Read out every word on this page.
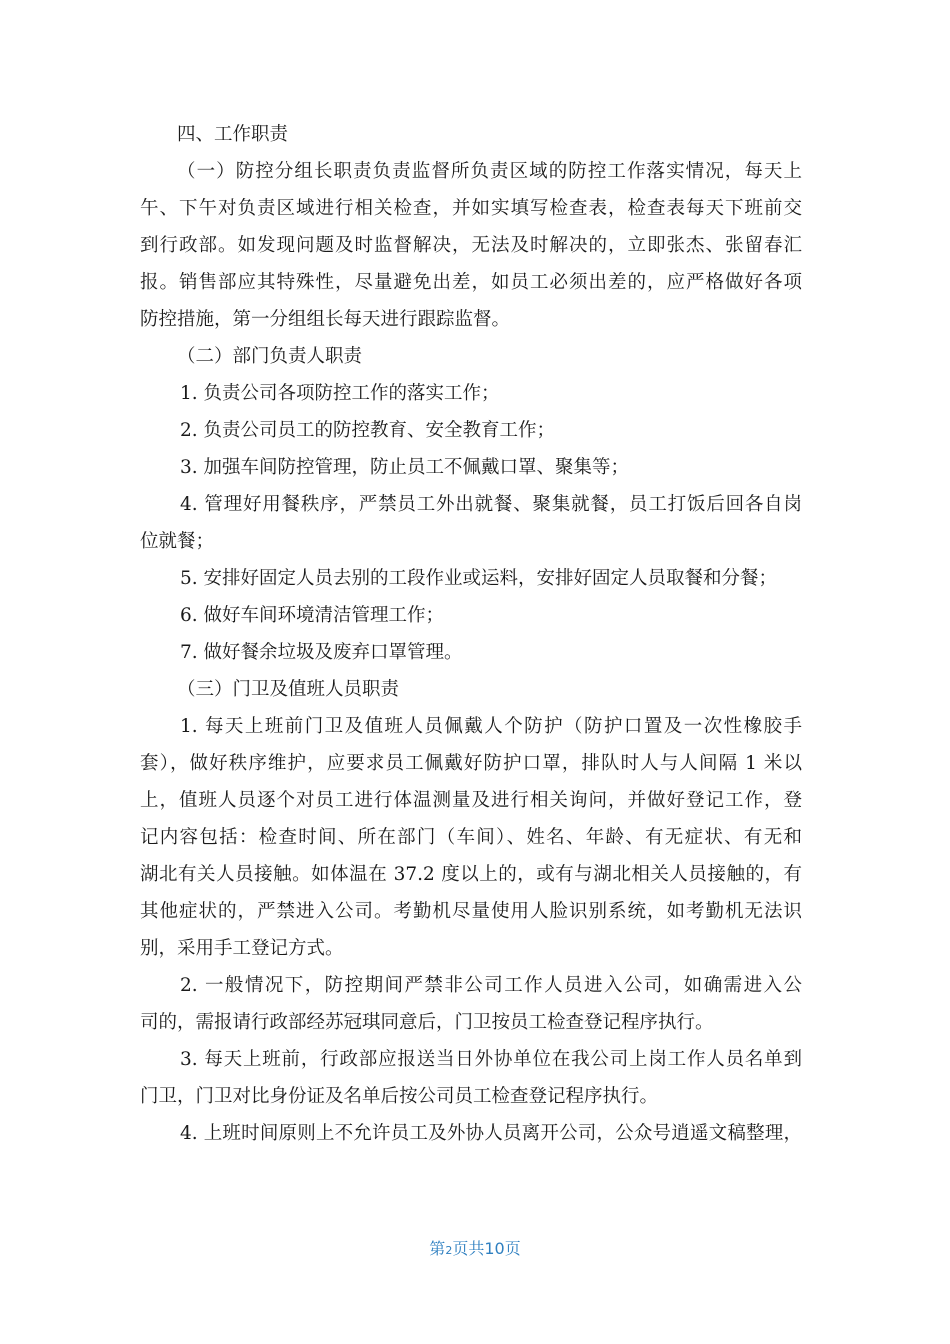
四、工作职责
（一）防控分组长职责负责监督所负责区域的防控工作落实情况，每天上
午、下午对负责区域进行相关检查，并如实填写检查表，检查表每天下班前交
到行政部。如发现问题及时监督解决，无法及时解决的，立即张杰、张留春汇
报。销售部应其特殊性，尽量避免出差，如员工必须出差的，应严格做好各项
防控措施，第一分组组长每天进行跟踪监督。
（二）部门负责人职责
1. 负责公司各项防控工作的落实工作；
2. 负责公司员工的防控教育、安全教育工作；
3. 加强车间防控管理，防止员工不佩戴口罩、聚集等；
4. 管理好用餐秩序，严禁员工外出就餐、聚集就餐，员工打饭后回各自岗
位就餐；
5. 安排好固定人员去别的工段作业或运料，安排好固定人员取餐和分餐；
6. 做好车间环境清洁管理工作；
7. 做好餐余垃圾及废弃口罩管理。
（三）门卫及值班人员职责
1. 每天上班前门卫及值班人员佩戴人个防护（防护口置及一次性橡胶手
套），做好秩序维护，应要求员工佩戴好防护口罩，排队时人与人间隔 1 米以
上，值班人员逐个对员工进行体温测量及进行相关询问，并做好登记工作，登
记内容包括：检查时间、所在部门（车间）、姓名、年龄、有无症状、有无和
湖北有关人员接触。如体温在 37.2 度以上的，或有与湖北相关人员接触的，有
其他症状的，严禁进入公司。考勤机尽量使用人脸识别系统，如考勤机无法识
别，采用手工登记方式。
2. 一般情况下，防控期间严禁非公司工作人员进入公司，如确需进入公
司的，需报请行政部经苏冠琪同意后，门卫按员工检查登记程序执行。
3. 每天上班前，行政部应报送当日外协单位在我公司上岗工作人员名单到
门卫，门卫对比身份证及名单后按公司员工检查登记程序执行。
4. 上班时间原则上不允许员工及外协人员离开公司，公众号逍遥文稿整理，
第2页共10页
